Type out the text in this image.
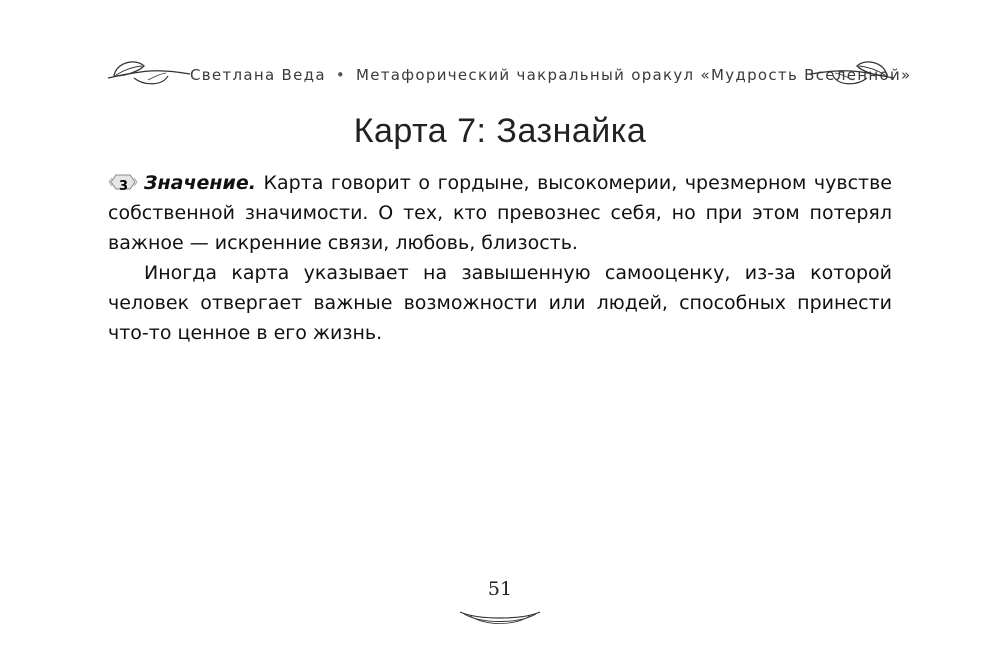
Светлана Веда • Метафорический чакральный оракул «Мудрость Вселенной»
Карта 7: Зазнайка

3 Значение. Карта говорит о гордыне, высокомерии, чрезмерном чувстве собственной значимости. О тех, кто превознес себя, но при этом потерял важное — искренние связи, любовь, близость.

Иногда карта указывает на завышенную самооценку, из-за которой человек отвергает важные возможности или людей, способных принести что-то ценное в его жизнь.

51
